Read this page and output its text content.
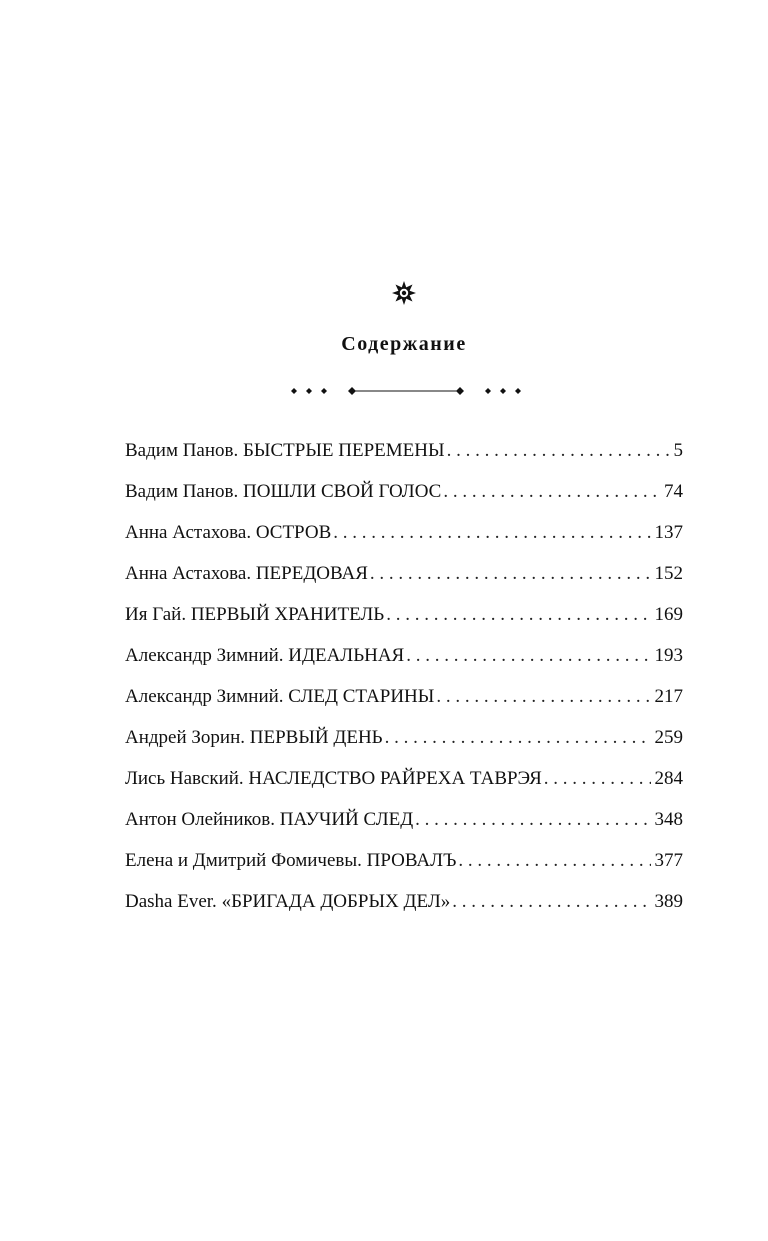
Содержание
Вадим Панов. БЫСТРЫЕ ПЕРЕМЕНЫ . . .	5
Вадим Панов. ПОШЛИ СВОЙ ГОЛОС . . .	74
Анна Астахова. ОСТРОВ . . .	137
Анна Астахова. ПЕРЕДОВАЯ . . .	152
Ия Гай. ПЕРВЫЙ ХРАНИТЕЛЬ . . .	169
Александр Зимний. ИДЕАЛЬНАЯ . . .	193
Александр Зимний. СЛЕД СТАРИНЫ . . .	217
Андрей Зорин. ПЕРВЫЙ ДЕНЬ . . .	259
Лись Навский. НАСЛЕДСТВО РАЙРЕХА ТАВРЭЯ . . .	284
Антон Олейников. ПАУЧИЙ СЛЕД . . .	348
Елена и Дмитрий Фомичевы. ПРОВАЛЪ . . .	377
Dasha Ever. «БРИГАДА ДОБРЫХ ДЕЛ» . . .	389
